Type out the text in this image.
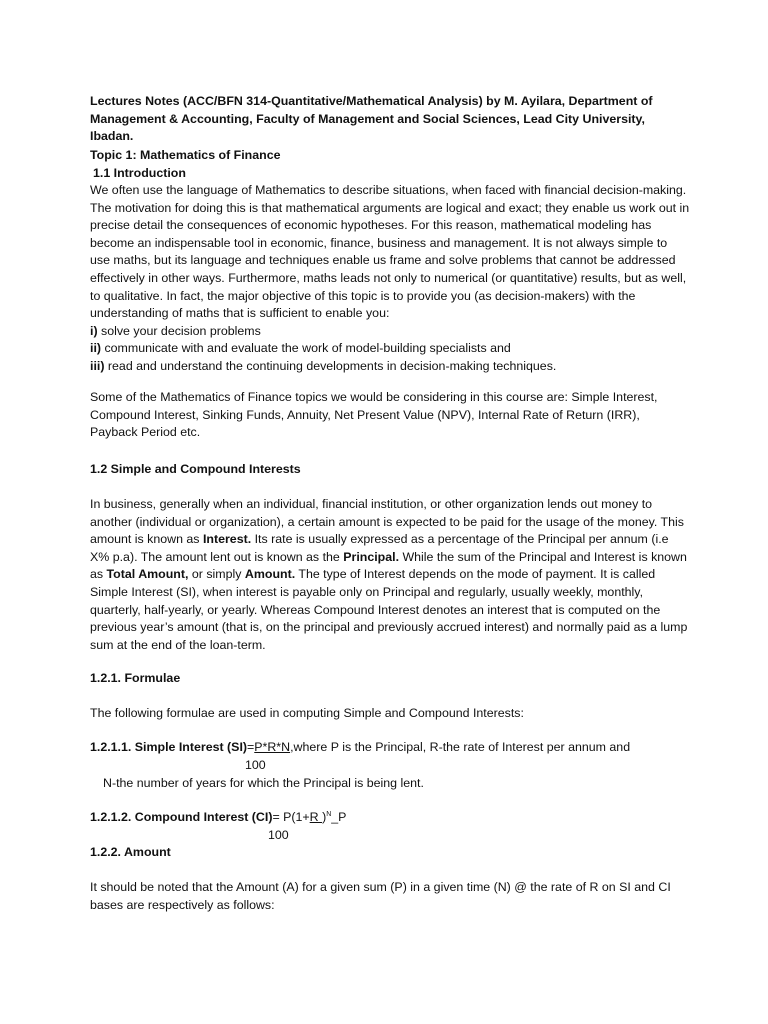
Lectures Notes (ACC/BFN 314-Quantitative/Mathematical Analysis) by M. Ayilara, Department of

Management & Accounting, Faculty of Management and Social Sciences, Lead City University, Ibadan.

Topic 1: Mathematics of Finance

1.1 Introduction

We often use the language of Mathematics to describe situations, when faced with financial decision-making. The motivation for doing this is that mathematical arguments are logical and exact; they enable us work out in precise detail the consequences of economic hypotheses. For this reason, mathematical modeling has become an indispensable tool in economic, finance, business and management. It is not always simple to use maths, but its language and techniques enable us frame and solve problems that cannot be addressed effectively in other ways. Furthermore, maths leads not only to numerical (or quantitative) results, but as well, to qualitative. In fact, the major objective of this topic is to provide you (as decision-makers) with the understanding of maths that is sufficient to enable you:

i) solve your decision problems
ii) communicate with and evaluate the work of model-building specialists and
iii) read and understand the continuing developments in decision-making techniques.

Some of the Mathematics of Finance topics we would be considering in this course are: Simple Interest, Compound Interest, Sinking Funds, Annuity, Net Present Value (NPV), Internal Rate of Return (IRR), Payback Period etc.

1.2 Simple and Compound Interests

In business, generally when an individual, financial institution, or other organization lends out money to another (individual or organization), a certain amount is expected to be paid for the usage of the money. This amount is known as Interest. Its rate is usually expressed as a percentage of the Principal per annum (i.e X% p.a). The amount lent out is known as the Principal. While the sum of the Principal and Interest is known as Total Amount, or simply Amount. The type of Interest depends on the mode of payment. It is called Simple Interest (SI), when interest is payable only on Principal and regularly, usually weekly, monthly, quarterly, half-yearly, or yearly. Whereas Compound Interest denotes an interest that is computed on the previous year’s amount (that is, on the principal and previously accrued interest) and normally paid as a lump sum at the end of the loan-term.

1.2.1. Formulae

The following formulae are used in computing Simple and Compound Interests:

1.2.1.1. Simple Interest (SI)=P*R*N,where P is the Principal, R-the rate of Interest per annum and
100
N-the number of years for which the Principal is being lent.
1.2.1.2. Compound Interest (CI)= P(1+R )$^N$_P
100

1.2.2. Amount

It should be noted that the Amount (A) for a given sum (P) in a given time (N) @ the rate of R on SI and CI bases are respectively as follows:
